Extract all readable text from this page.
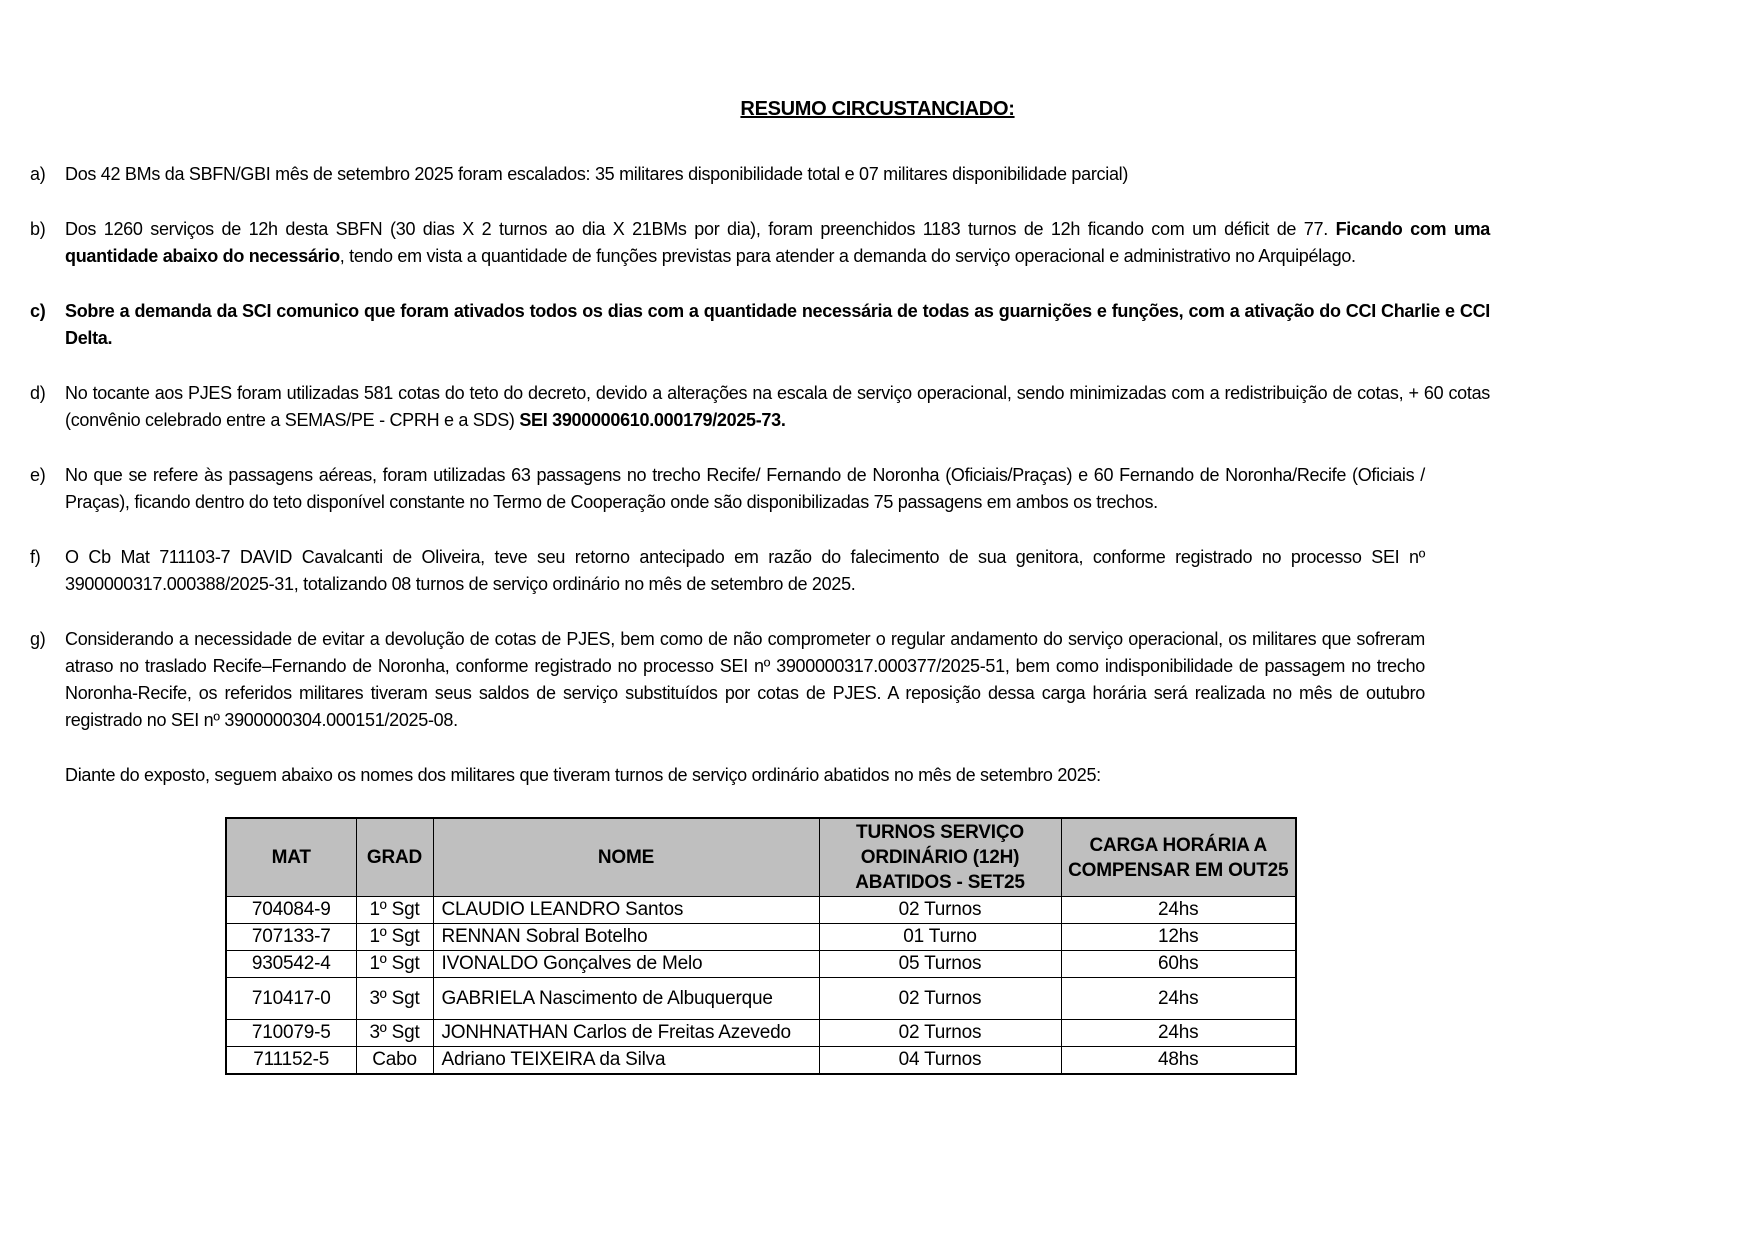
RESUMO CIRCUSTANCIADO:
a)	Dos 42 BMs da SBFN/GBI mês de setembro 2025 foram escalados: 35 militares disponibilidade total e 07 militares disponibilidade parcial)
b)	Dos 1260 serviços de 12h desta SBFN (30 dias X 2 turnos ao dia X 21BMs por dia), foram preenchidos 1183 turnos de 12h ficando com um déficit de 77. Ficando com uma quantidade abaixo do necessário, tendo em vista a quantidade de funções previstas para atender a demanda do serviço operacional e administrativo no Arquipélago.
c)	Sobre a demanda da SCI comunico que foram ativados todos os dias com a quantidade necessária de todas as guarnições e funções, com a ativação do CCI Charlie e CCI Delta.
d)	No tocante aos PJES foram utilizadas 581 cotas do teto do decreto, devido a alterações na escala de serviço operacional, sendo minimizadas com a redistribuição de cotas, + 60 cotas (convênio celebrado entre a SEMAS/PE - CPRH e a SDS) SEI 3900000610.000179/2025-73.
e)	No que se refere às passagens aéreas, foram utilizadas 63 passagens no trecho Recife/ Fernando de Noronha (Oficiais/Praças) e 60 Fernando de Noronha/Recife (Oficiais / Praças), ficando dentro do teto disponível constante no Termo de Cooperação onde são disponibilizadas 75 passagens em ambos os trechos.
f)	O Cb Mat 711103-7 DAVID Cavalcanti de Oliveira, teve seu retorno antecipado em razão do falecimento de sua genitora, conforme registrado no processo SEI nº 3900000317.000388/2025-31, totalizando 08 turnos de serviço ordinário no mês de setembro de 2025.
g)	Considerando a necessidade de evitar a devolução de cotas de PJES, bem como de não comprometer o regular andamento do serviço operacional, os militares que sofreram atraso no traslado Recife–Fernando de Noronha, conforme registrado no processo SEI nº 3900000317.000377/2025-51, bem como indisponibilidade de passagem no trecho Noronha-Recife, os referidos militares tiveram seus saldos de serviço substituídos por cotas de PJES. A reposição dessa carga horária será realizada no mês de outubro registrado no SEI nº 3900000304.000151/2025-08.
Diante do exposto, seguem abaixo os nomes dos militares que tiveram turnos de serviço ordinário abatidos no mês de setembro 2025:
MAT	GRAD	NOME	TURNOS SERVIÇO ORDINÁRIO (12H) ABATIDOS - SET25	CARGA HORÁRIA A COMPENSAR EM OUT25
704084-9	1º Sgt	CLAUDIO LEANDRO Santos	02 Turnos	24hs
707133-7	1º Sgt	RENNAN Sobral Botelho	01 Turno	12hs
930542-4	1º Sgt	IVONALDO Gonçalves de Melo	05 Turnos	60hs
710417-0	3º Sgt	GABRIELA Nascimento de Albuquerque	02 Turnos	24hs
710079-5	3º Sgt	JONHNATHAN Carlos de Freitas Azevedo	02 Turnos	24hs
711152-5	Cabo	Adriano TEIXEIRA da Silva	04 Turnos	48hs
